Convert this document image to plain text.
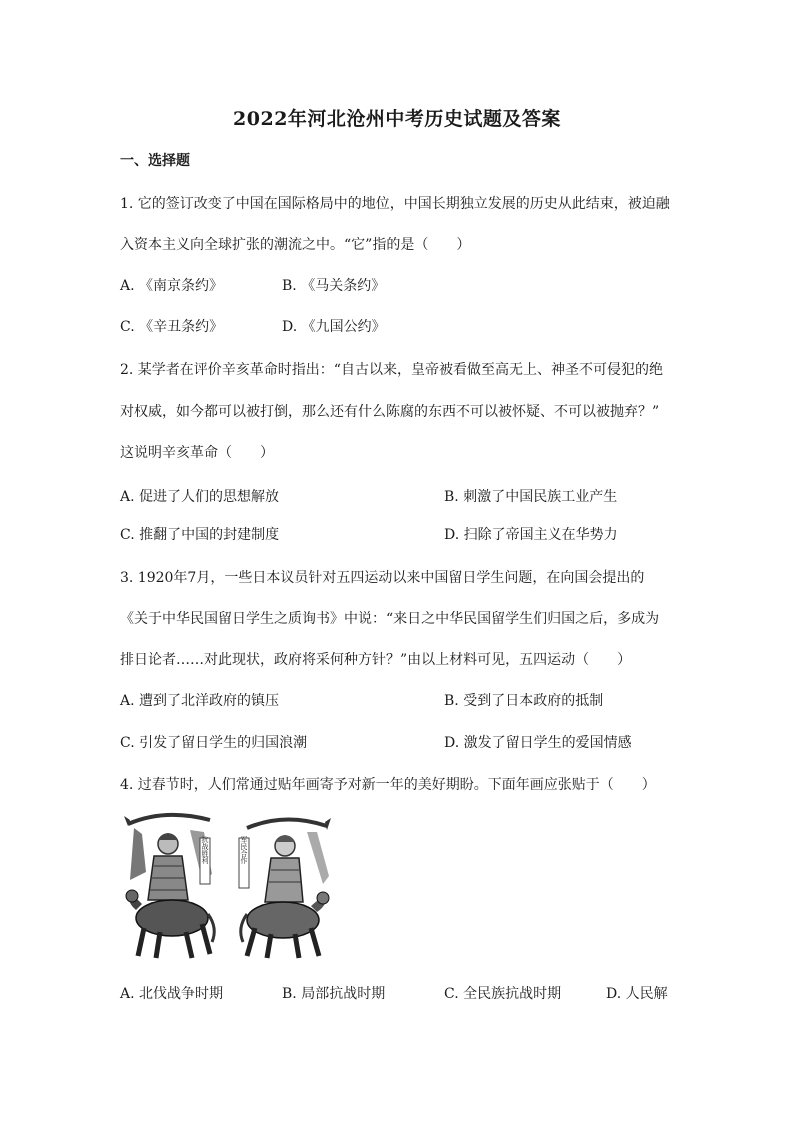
2022年河北沧州中考历史试题及答案
一、选择题
1. 它的签订改变了中国在国际格局中的地位，中国长期独立发展的历史从此结束，被迫融
入资本主义向全球扩张的潮流之中。“它”指的是（　　）
A. 《南京条约》	B. 《马关条约》
C. 《辛丑条约》	D. 《九国公约》
2. 某学者在评价辛亥革命时指出：“自古以来，皇帝被看做至高无上、神圣不可侵犯的绝
对权威，如今都可以被打倒，那么还有什么陈腐的东西不可以被怀疑、不可以被抛弃？”
这说明辛亥革命（　　）
A. 促进了人们的思想解放	B. 刺激了中国民族工业产生
C. 推翻了中国的封建制度	D. 扫除了帝国主义在华势力
3. 1920年7月，一些日本议员针对五四运动以来中国留日学生问题，在向国会提出的
《关于中华民国留日学生之质询书》中说：“来日之中华民国留学生们归国之后，多成为
排日论者……对此现状，政府将采何种方针？”由以上材料可见，五四运动（　　）
A. 遭到了北洋政府的镇压	B. 受到了日本政府的抵制
C. 引发了留日学生的归国浪潮	D. 激发了留日学生的爱国情感
4. 过春节时，人们常通过贴年画寄予对新一年的美好期盼。下面年画应张贴于（　　）
抗战胜利	军民合作
A. 北伐战争时期	B. 局部抗战时期	C. 全民族抗战时期	D. 人民解
